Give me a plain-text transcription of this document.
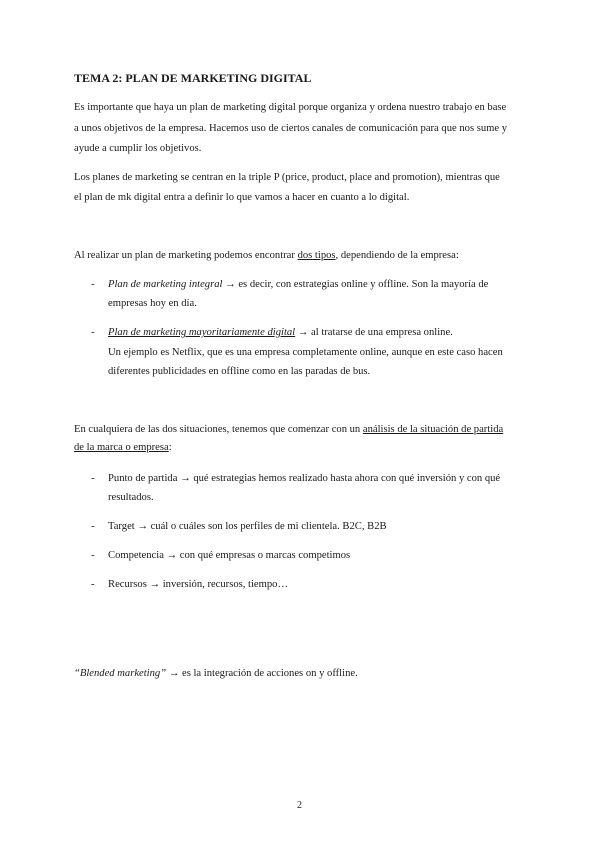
TEMA 2: PLAN DE MARKETING DIGITAL
Es importante que haya un plan de marketing digital porque organiza y ordena nuestro trabajo en base
a unos objetivos de la empresa. Hacemos uso de ciertos canales de comunicación para que nos sume y
ayude a cumplir los objetivos.
Los planes de marketing se centran en la triple P (price, product, place and promotion), mientras que
el plan de mk digital entra a definir lo que vamos a hacer en cuanto a lo digital.
Al realizar un plan de marketing podemos encontrar dos tipos, dependiendo de la empresa:
- Plan de marketing integral → es decir, con estrategias online y offline. Son la mayoría de
empresas hoy en día.
- Plan de marketing mayoritariamente digital → al tratarse de una empresa online.
Un ejemplo es Netflix, que es una empresa completamente online, aunque en este caso hacen
diferentes publicidades en offline como en las paradas de bus.
En cualquiera de las dos situaciones, tenemos que comenzar con un análisis de la situación de partida
de la marca o empresa:
- Punto de partida → qué estrategias hemos realizado hasta ahora con qué inversión y con qué
resultados.
- Target → cuál o cuáles son los perfiles de mi clientela. B2C, B2B
- Competencia → con qué empresas o marcas competimos
- Recursos → inversión, recursos, tiempo…
“Blended marketing” → es la integración de acciones on y offline.
2
